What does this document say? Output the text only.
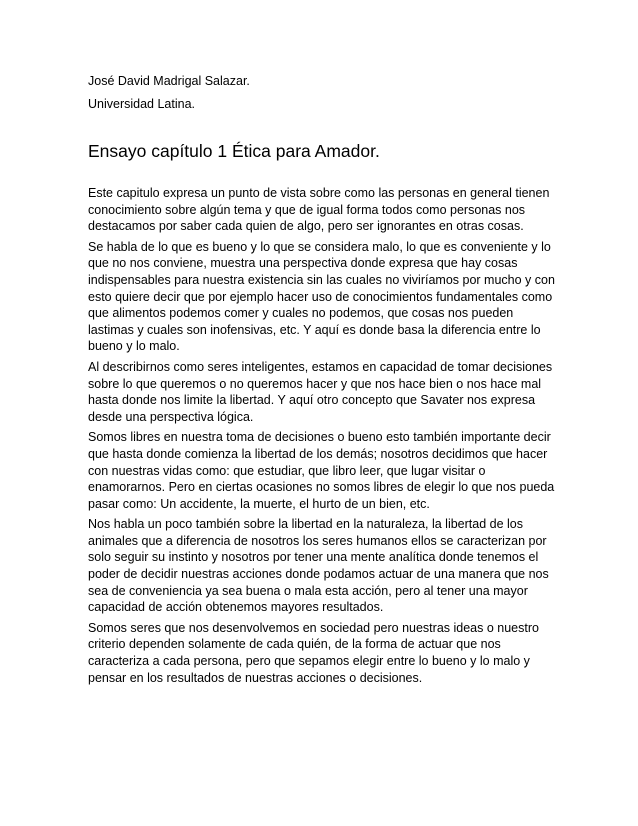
José David Madrigal Salazar.

Universidad Latina.

Ensayo capítulo 1 Ética para Amador.

Este capitulo expresa un punto de vista sobre como las personas en general tienen conocimiento sobre algún tema y que de igual forma todos como personas nos destacamos por saber cada quien de algo, pero ser ignorantes en otras cosas.

Se habla de lo que es bueno y lo que se considera malo, lo que es conveniente y lo que no nos conviene, muestra una perspectiva donde expresa que hay cosas indispensables para nuestra existencia sin las cuales no viviríamos por mucho y con esto quiere decir que por ejemplo hacer uso de conocimientos fundamentales como que alimentos podemos comer y cuales no podemos, que cosas nos pueden lastimas y cuales son inofensivas, etc. Y aquí es donde basa la diferencia entre lo bueno y lo malo.

Al describirnos como seres inteligentes, estamos en capacidad de tomar decisiones sobre lo que queremos o no queremos hacer y que nos hace bien o nos hace mal hasta donde nos limite la libertad. Y aquí otro concepto que Savater nos expresa desde una perspectiva lógica.

Somos libres en nuestra toma de decisiones o bueno esto también importante decir que hasta donde comienza la libertad de los demás; nosotros decidimos que hacer con nuestras vidas como: que estudiar, que libro leer, que lugar visitar o enamorarnos. Pero en ciertas ocasiones no somos libres de elegir lo que nos pueda pasar como: Un accidente, la muerte, el hurto de un bien, etc.

Nos habla un poco también sobre la libertad en la naturaleza, la libertad de los animales que a diferencia de nosotros los seres humanos ellos se caracterizan por solo seguir su instinto y nosotros por tener una mente analítica donde tenemos el poder de decidir nuestras acciones donde podamos actuar de una manera que nos sea de conveniencia ya sea buena o mala esta acción, pero al tener una mayor capacidad de acción obtenemos mayores resultados.

Somos seres que nos desenvolvemos en sociedad pero nuestras ideas o nuestro criterio dependen solamente de cada quién, de la forma de actuar que nos caracteriza a cada persona, pero que sepamos elegir entre lo bueno y lo malo y pensar en los resultados de nuestras acciones o decisiones.
